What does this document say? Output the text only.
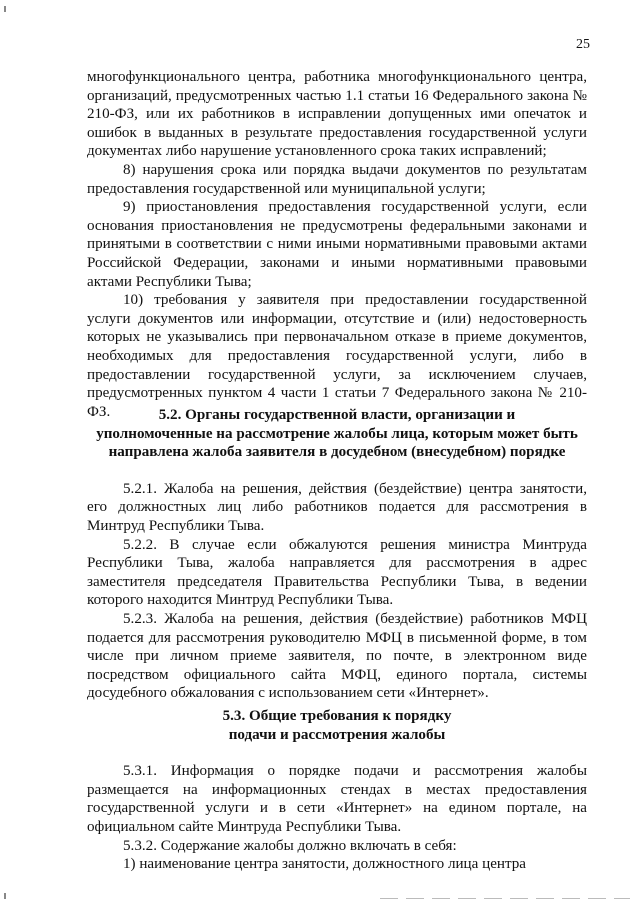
25

многофункционального центра, работника многофункционального центра, организаций, предусмотренных частью 1.1 статьи 16 Федерального закона № 210-ФЗ, или их работников в исправлении допущенных ими опечаток и ошибок в выданных в результате предоставления государственной услуги документах либо нарушение установленного срока таких исправлений;

8) нарушения срока или порядка выдачи документов по результатам предоставления государственной или муниципальной услуги;

9) приостановления предоставления государственной услуги, если основания приостановления не предусмотрены федеральными законами и принятыми в соответствии с ними иными нормативными правовыми актами Российской Федерации, законами и иными нормативными правовыми актами Республики Тыва;

10) требования у заявителя при предоставлении государственной услуги документов или информации, отсутствие и (или) недостоверность которых не указывались при первоначальном отказе в приеме документов, необходимых для предоставления государственной услуги, либо в предоставлении государственной услуги, за исключением случаев, предусмотренных пунктом 4 части 1 статьи 7 Федерального закона № 210-ФЗ.	5.2. Органы государственной власти, организации и
уполномоченные на рассмотрение жалобы лица, которым может быть
направлена жалоба заявителя в досудебном (внесудебном) порядке

5.2.1. Жалоба на решения, действия (бездействие) центра занятости, его должностных лиц либо работников подается для рассмотрения в Минтруд Республики Тыва.

5.2.2. В случае если обжалуются решения министра Минтруда Республики Тыва, жалоба направляется для рассмотрения в адрес заместителя председателя Правительства Республики Тыва, в ведении которого находится Минтруд Республики Тыва.

5.2.3. Жалоба на решения, действия (бездействие) работников МФЦ подается для рассмотрения руководителю МФЦ в письменной форме, в том числе при личном приеме заявителя, по почте, в электронном виде посредством официального сайта МФЦ, единого портала, системы досудебного обжалования с использованием сети «Интернет».

5.3. Общие требования к порядку
подачи и рассмотрения жалобы

5.3.1. Информация о порядке подачи и рассмотрения жалобы размещается на информационных стендах в местах предоставления государственной услуги и в сети «Интернет» на едином портале, на официальном сайте Минтруда Республики Тыва.

5.3.2. Содержание жалобы должно включать в себя:

1) наименование центра занятости, должностного лица центра
